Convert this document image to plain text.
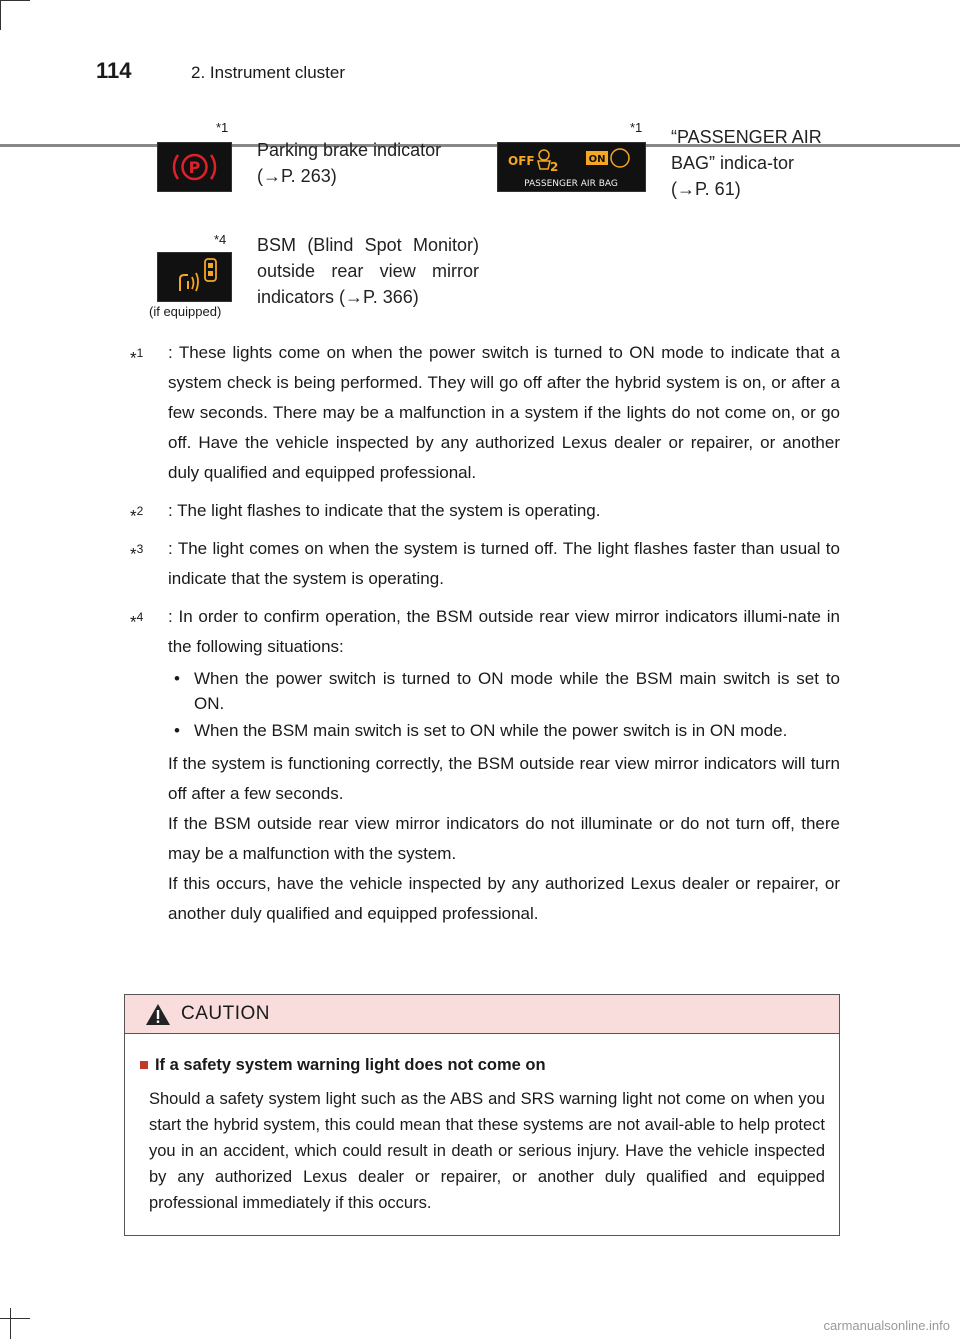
114	2. Instrument cluster
*1
P
Parking brake indicator (→P. 263)
*1
OFF 2
ON
PASSENGER AIR BAG
“PASSENGER AIR BAG” indica-tor (→P. 61)
*4
(if equipped)
BSM (Blind Spot Monitor) outside rear view mirror indicators (→P. 366)
*$^1$ : These lights come on when the power switch is turned to ON mode to indicate that a system check is being performed. They will go off after the hybrid system is on, or after a few seconds. There may be a malfunction in a system if the lights do not come on, or go off. Have the vehicle inspected by any authorized Lexus dealer or repairer, or another duly qualified and equipped professional.
*$^2$ : The light flashes to indicate that the system is operating.
*$^3$ : The light comes on when the system is turned off. The light flashes faster than usual to indicate that the system is operating.
*$^4$ : In order to confirm operation, the BSM outside rear view mirror indicators illumi-nate in the following situations:
• When the power switch is turned to ON mode while the BSM main switch is set to ON.
• When the BSM main switch is set to ON while the power switch is in ON mode.
If the system is functioning correctly, the BSM outside rear view mirror indicators will turn off after a few seconds.
If the BSM outside rear view mirror indicators do not illuminate or do not turn off, there may be a malfunction with the system.
If this occurs, have the vehicle inspected by any authorized Lexus dealer or repairer, or another duly qualified and equipped professional.
CAUTION
■ If a safety system warning light does not come on
Should a safety system light such as the ABS and SRS warning light not come on when you start the hybrid system, this could mean that these systems are not avail-able to help protect you in an accident, which could result in death or serious injury. Have the vehicle inspected by any authorized Lexus dealer or repairer, or another duly qualified and equipped professional immediately if this occurs.
carmanualsonline.info
